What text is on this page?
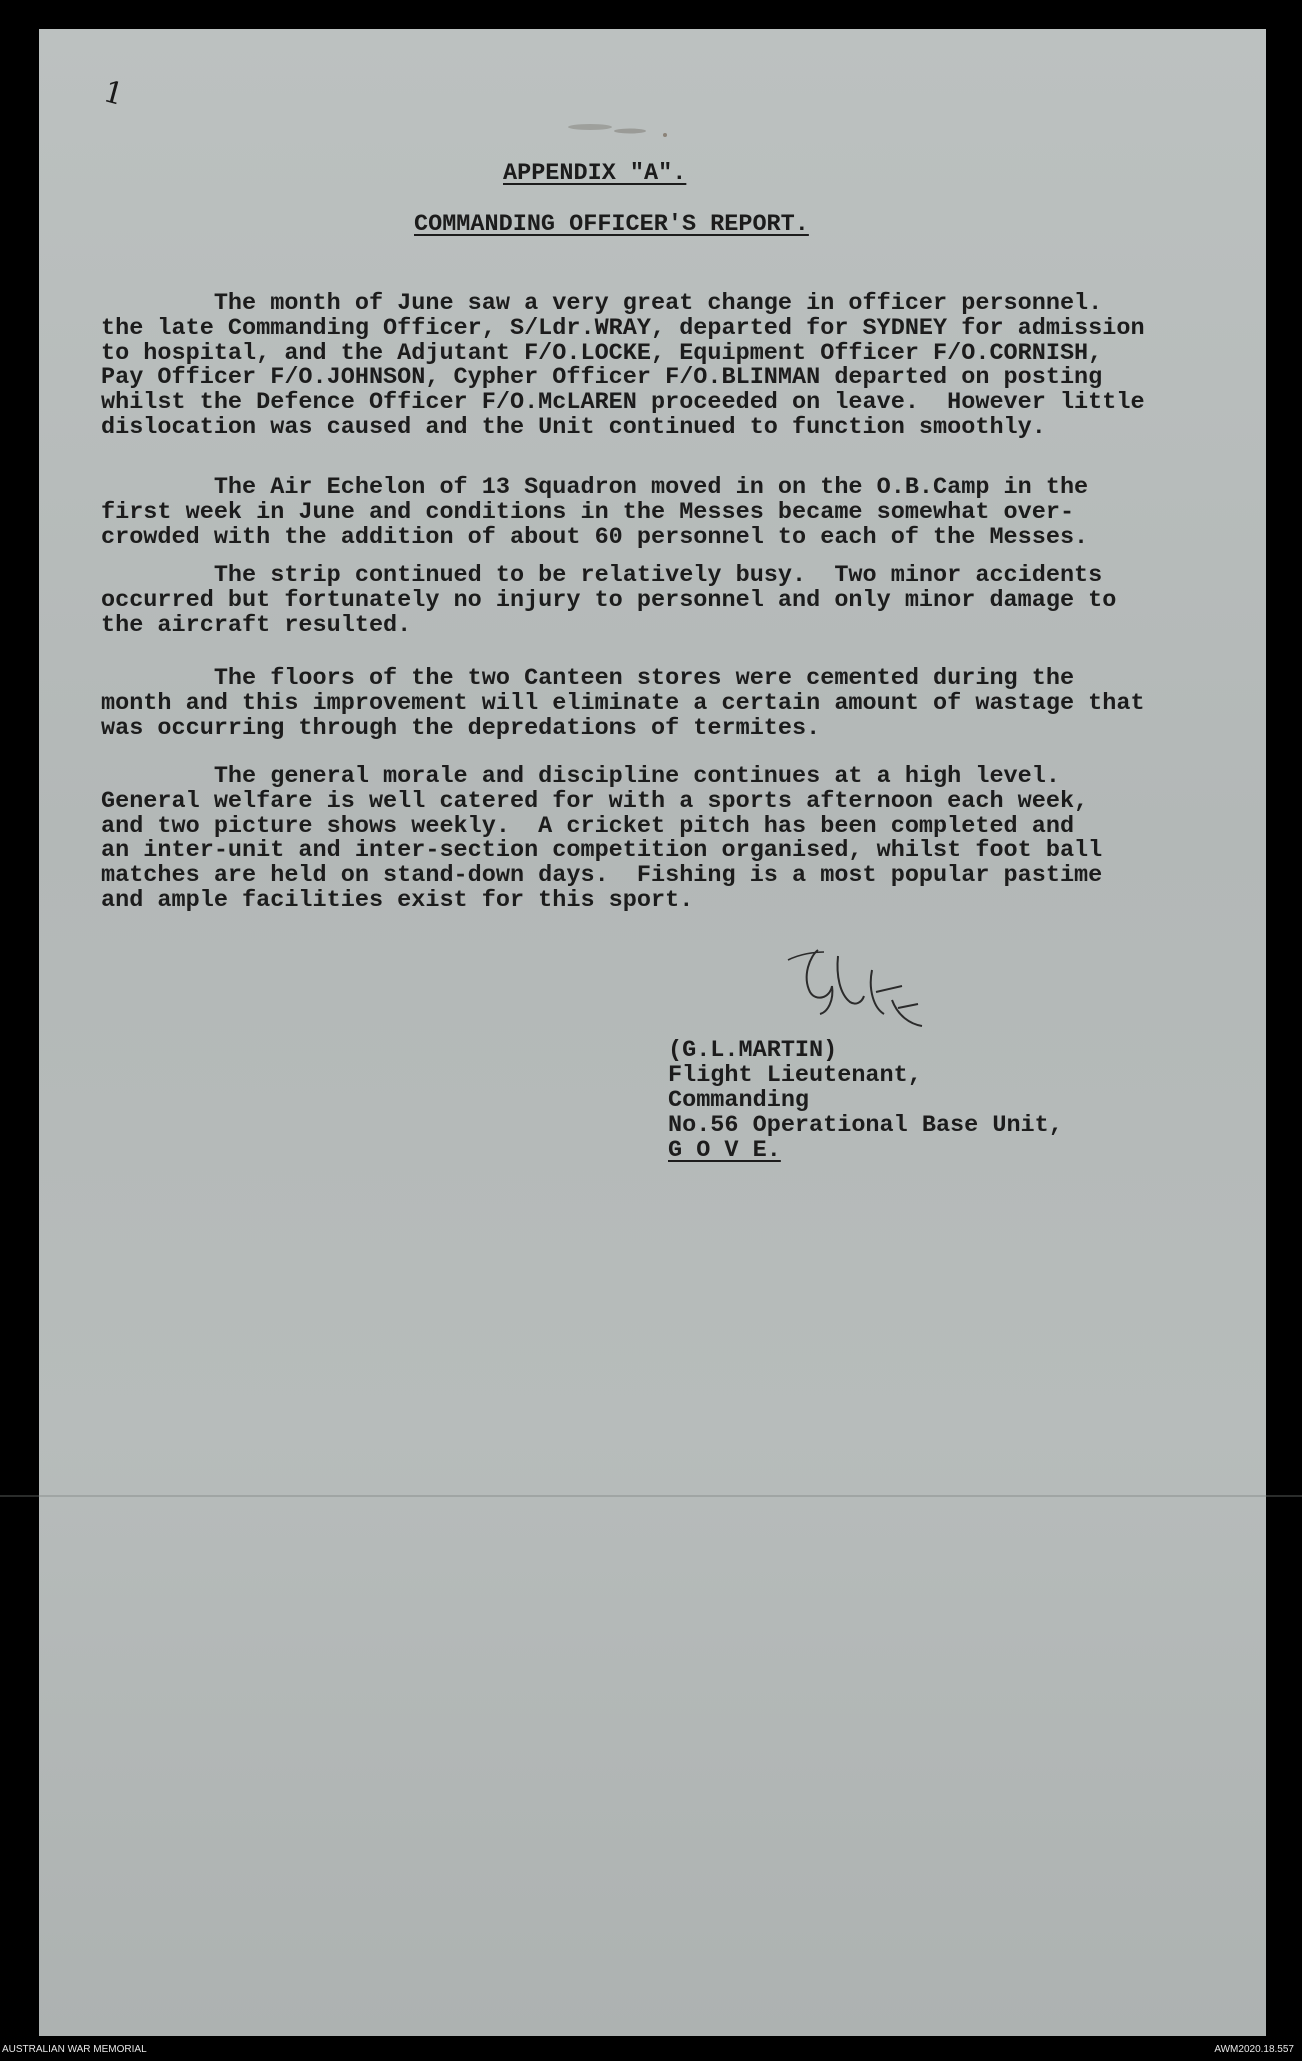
1
APPENDIX "A".
COMMANDING OFFICER'S REPORT.
The month of June saw a very great change in officer personnel.
the late Commanding Officer, S/Ldr.WRAY, departed for SYDNEY for admission
to hospital, and the Adjutant F/O.LOCKE, Equipment Officer F/O.CORNISH,
Pay Officer F/O.JOHNSON, Cypher Officer F/O.BLINMAN departed on posting
whilst the Defence Officer F/O.McLAREN proceeded on leave.  However little
dislocation was caused and the Unit continued to function smoothly.
The Air Echelon of 13 Squadron moved in on the O.B.Camp in the
first week in June and conditions in the Messes became somewhat over-
crowded with the addition of about 60 personnel to each of the Messes.
The strip continued to be relatively busy.  Two minor accidents
occurred but fortunately no injury to personnel and only minor damage to
the aircraft resulted.
The floors of the two Canteen stores were cemented during the
month and this improvement will eliminate a certain amount of wastage that
was occurring through the depredations of termites.
The general morale and discipline continues at a high level.
General welfare is well catered for with a sports afternoon each week,
and two picture shows weekly.  A cricket pitch has been completed and
an inter-unit and inter-section competition organised, whilst foot ball
matches are held on stand-down days.  Fishing is a most popular pastime
and ample facilities exist for this sport.
(G.L.MARTIN)
Flight Lieutenant,
Commanding
No.56 Operational Base Unit,
G O V E.
AUSTRALIAN WAR MEMORIAL	AWM2020.18.557
